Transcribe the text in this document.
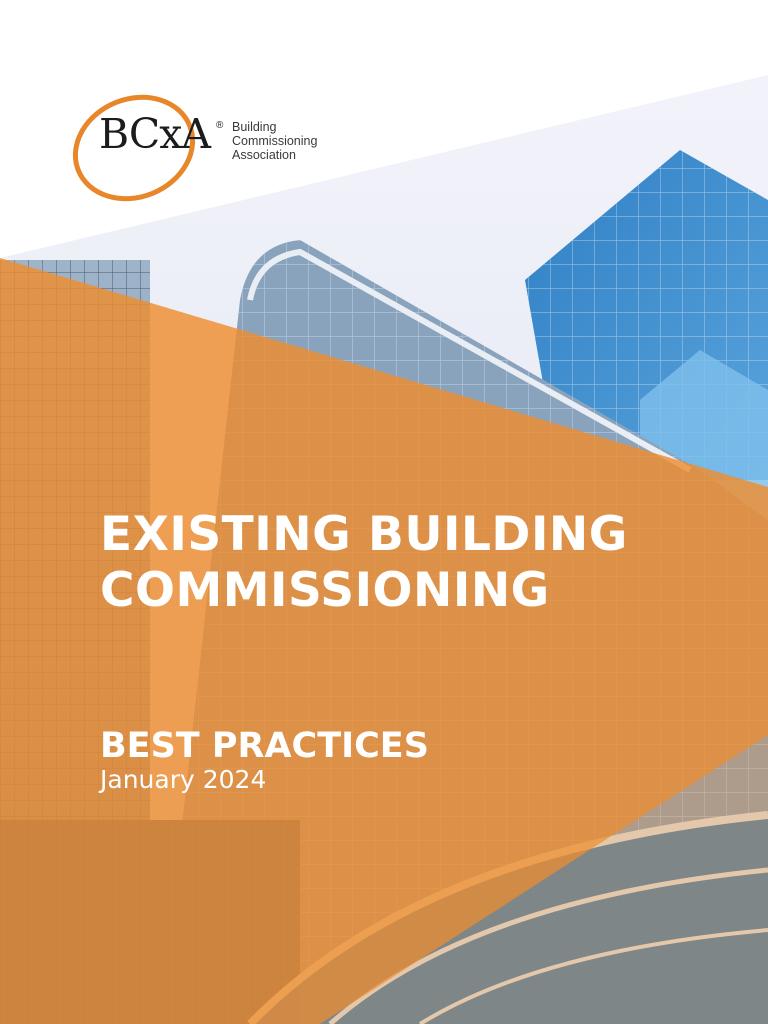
BCxA ® Building
Commissioning
Association
EXISTING BUILDING
COMMISSIONING
BEST PRACTICES
January 2024
